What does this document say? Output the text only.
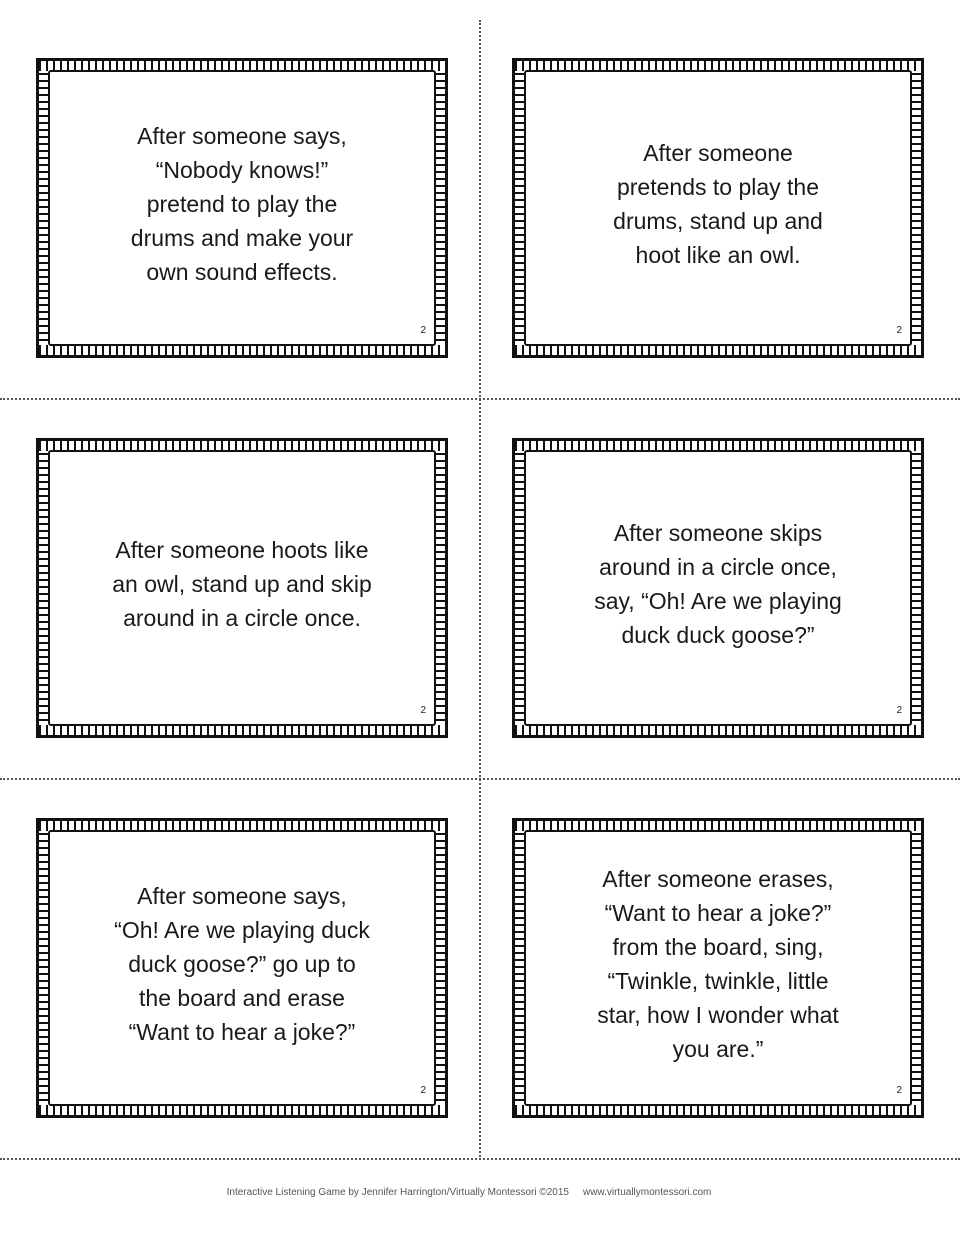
After someone says,
“Nobody knows!”
pretend to play the
drums and make your
own sound effects.
2
After someone
pretends to play the
drums, stand up and
hoot like an owl.
2
After someone hoots like
an owl, stand up and skip
around in a circle once.
2
After someone skips
around in a circle once,
say, “Oh! Are we playing
duck duck goose?”
2
After someone says,
“Oh! Are we playing duck
duck goose?” go up to
the board and erase
“Want to hear a joke?”
2
After someone erases,
“Want to hear a joke?”
from the board, sing,
“Twinkle, twinkle, little
star, how I wonder what
you are.”
2
Interactive Listening Game by Jennifer Harrington/Virtually Montessori ©2015 www.virtuallymontessori.com
